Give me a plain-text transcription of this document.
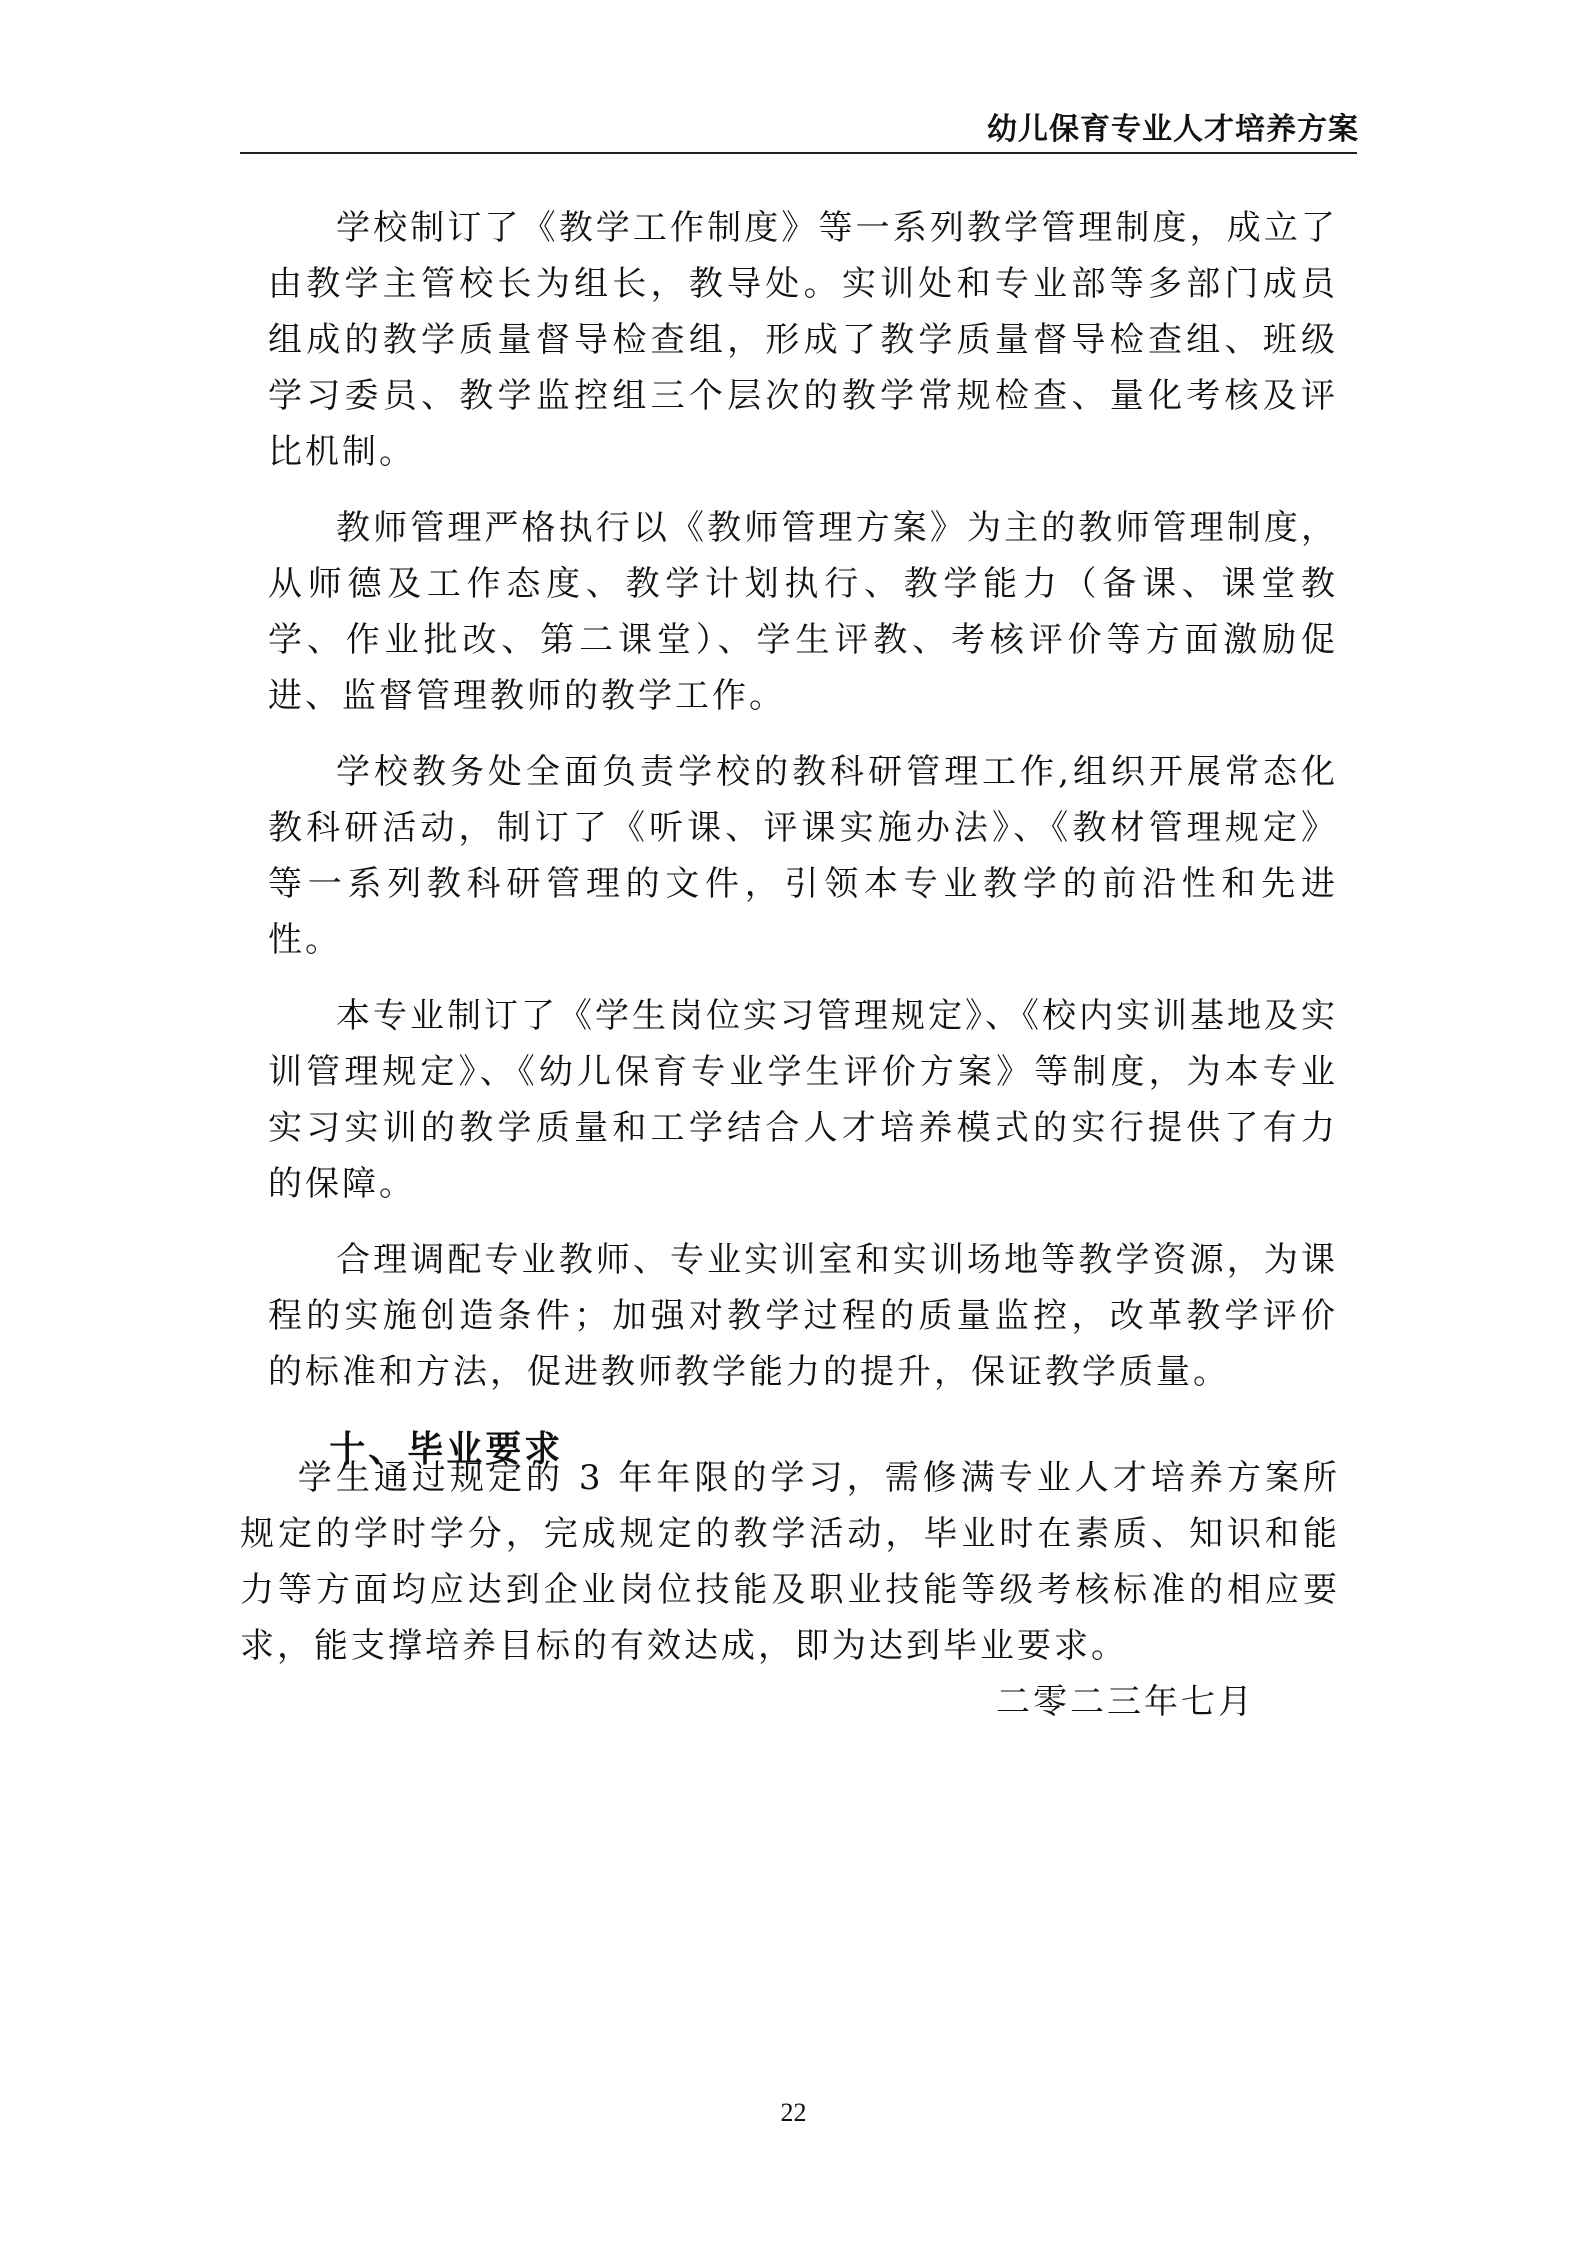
幼儿保育专业人才培养方案

学校制订了《教学工作制度》等一系列教学管理制度，成立了由教学主管校长为组长，教导处。实训处和专业部等多部门成员组成的教学质量督导检查组，形成了教学质量督导检查组、班级学习委员、教学监控组三个层次的教学常规检查、量化考核及评比机制。

教师管理严格执行以《教师管理方案》为主的教师管理制度，从师德及工作态度、教学计划执行、教学能力（备课、课堂教学、作业批改、第二课堂）、学生评教、考核评价等方面激励促进、监督管理教师的教学工作。

学校教务处全面负责学校的教科研管理工作,组织开展常态化教科研活动，制订了《听课、评课实施办法》、《教材管理规定》等一系列教科研管理的文件，引领本专业教学的前沿性和先进性。

本专业制订了《学生岗位实习管理规定》、《校内实训基地及实训管理规定》、《幼儿保育专业学生评价方案》等制度，为本专业实习实训的教学质量和工学结合人才培养模式的实行提供了有力的保障。

合理调配专业教师、专业实训室和实训场地等教学资源，为课程的实施创造条件；加强对教学过程的质量监控，改革教学评价的标准和方法，促进教师教学能力的提升，保证教学质量。

十、毕业要求

学生通过规定的 3 年年限的学习，需修满专业人才培养方案所规定的学时学分，完成规定的教学活动，毕业时在素质、知识和能力等方面均应达到企业岗位技能及职业技能等级考核标准的相应要求，能支撑培养目标的有效达成，即为达到毕业要求。

二零二三年七月

22
